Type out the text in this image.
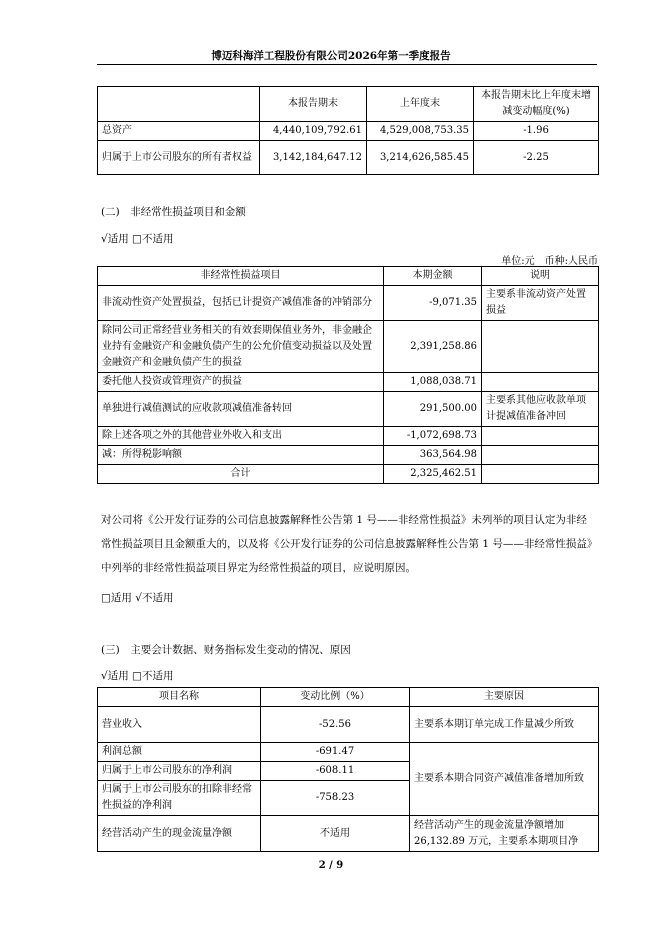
博迈科海洋工程股份有限公司2026年第一季度报告
	本报告期末	上年度末	本报告期末比上年度末增减变动幅度(%)
总资产	4,440,109,792.61	4,529,008,753.35	-1.96
归属于上市公司股东的所有者权益	3,142,184,647.12	3,214,626,585.45	-2.25
(二)　非经常性损益项目和金额
√适用 □不适用
单位:元　币种:人民币
非经常性损益项目	本期金额	说明
非流动性资产处置损益，包括已计提资产减值准备的冲销部分	-9,071.35	主要系非流动资产处置损益
除同公司正常经营业务相关的有效套期保值业务外，非金融企业持有金融资产和金融负债产生的公允价值变动损益以及处置金融资产和金融负债产生的损益	2,391,258.86	
委托他人投资或管理资产的损益	1,088,038.71	
单独进行减值测试的应收款项减值准备转回	291,500.00	主要系其他应收款单项计提减值准备冲回
除上述各项之外的其他营业外收入和支出	-1,072,698.73	
减：所得税影响额	363,564.98	
合计	2,325,462.51	
对公司将《公开发行证券的公司信息披露解释性公告第 1 号——非经常性损益》未列举的项目认定为非经常性损益项目且金额重大的，以及将《公开发行证券的公司信息披露解释性公告第 1 号——非经常性损益》中列举的非经常性损益项目界定为经常性损益的项目，应说明原因。
□适用 √不适用
(三)　主要会计数据、财务指标发生变动的情况、原因
√适用 □不适用
项目名称	变动比例（%）	主要原因
营业收入	-52.56	主要系本期订单完成工作量减少所致
利润总额	-691.47	主要系本期合同资产减值准备增加所致
归属于上市公司股东的净利润	-608.11	
归属于上市公司股东的扣除非经常性损益的净利润	-758.23	
经营活动产生的现金流量净额	不适用	经营活动产生的现金流量净额增加26,132.89 万元，主要系本期项目净
2 / 9
